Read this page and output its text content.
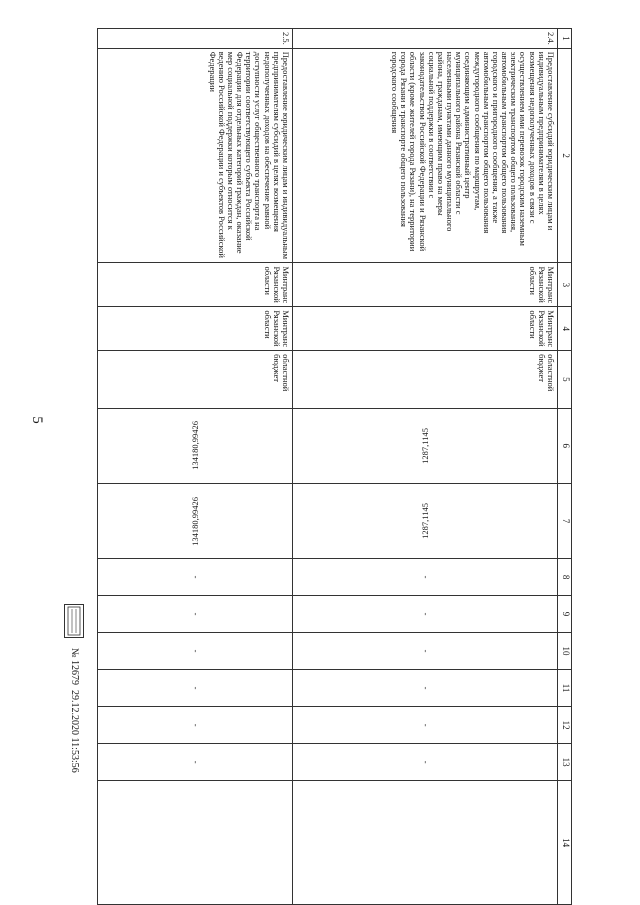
5
1	2	3	4	5	6	7	8	9	10	11	12	13	14
2.4.	Предоставление субсидий юридическим лицам и индивидуальным предпринимателям в целях возмещения недополученных доходов в связи с осуществлением ими перевозок городским наземным электрическим транспортом общего пользования, автомобильным транспортом общего пользования городского и пригородного сообщения, а также автомобильным транспортом общего пользования междугородного сообщения по маршрутам, соединяющим административный центр муниципального района Рязанской области с населенными пунктами данного муниципального района, гражданам, имеющим право на меры социальной поддержки в соответствии с законодательством Российской Федерации и Рязанской области (кроме жителей города Рязани), на территории города Рязани в транспорте общего пользования городского сообщения	Минтранс Рязанской области	Минтранс Рязанской области	областной бюджет	1287,1145	1287,1145	-	-	-	-	-	-	
2.5.	Предоставление юридическим лицам и индивидуальным предпринимателям субсидий в целях возмещения недополученных доходов на обеспечение равной доступности услуг общественного транспорта на территории соответствующего субъекта Российской Федерации для отдельных категорий граждан, оказание мер социальной поддержки которым относится к ведению Российской Федерации и субъектов Российской Федерации	Минтранс Рязанской области	Минтранс Рязанской области	областной бюджет	134180,99426	134180,99426	-	-	-	-	-	-	
№ 12679  29.12.2020 11:53:56
